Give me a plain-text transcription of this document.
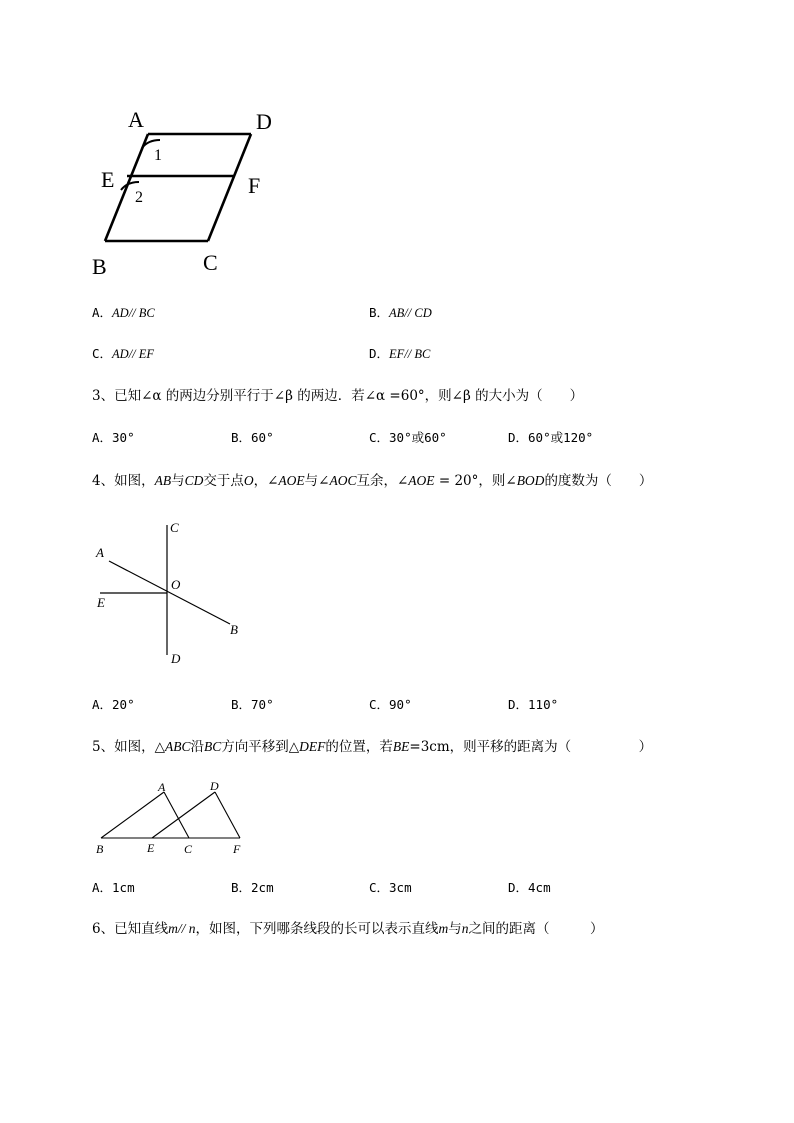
A	D
E	F
B	C
1
2
A．AD// BC	B．AB// CD
C．AD// EF	D．EF// BC
3、已知∠α 的两边分别平行于∠β 的两边．若∠α =60°，则∠β 的大小为（　　）
A．30°	B．60°	C．30°或60°	D．60°或120°
4、如图，AB与CD交于点O，∠AOE与∠AOC互余，∠AOE = 20°，则∠BOD的度数为（　　）
C
A
O
E
B
D
A．20°	B．70°	C．90°	D．110°
5、如图，△ABC沿BC方向平移到△DEF的位置，若BE=3cm，则平移的距离为（　　　　　）
A	D
B	E C	F
A．1cm	B．2cm	C．3cm	D．4cm
6、已知直线m// n，如图，下列哪条线段的长可以表示直线m与n之间的距离（　　　）
